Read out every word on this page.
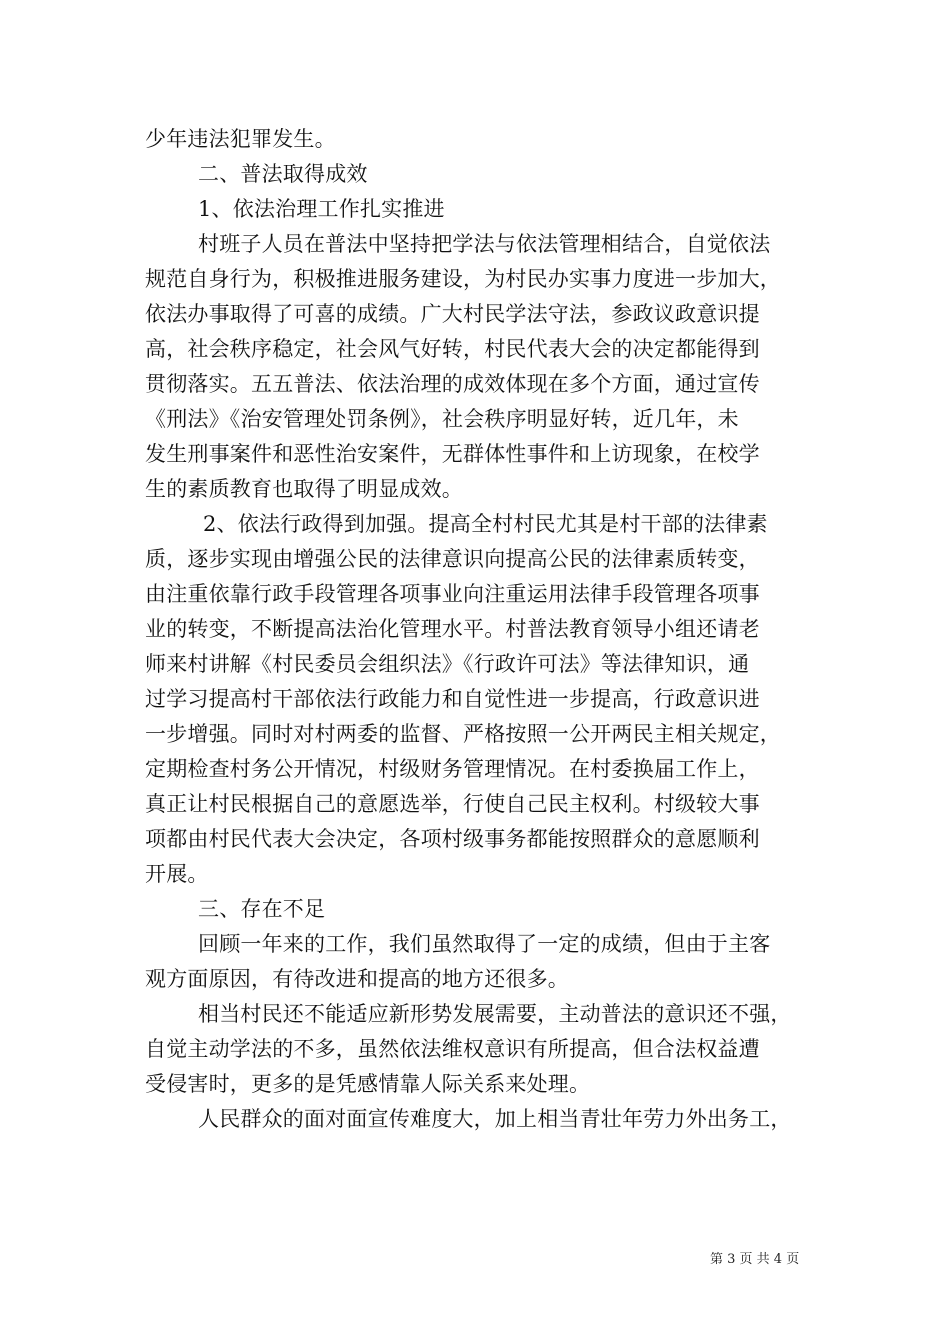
少年违法犯罪发生。
二、普法取得成效
1、依法治理工作扎实推进
村班子人员在普法中坚持把学法与依法管理相结合，自觉依法
规范自身行为，积极推进服务建设，为村民办实事力度进一步加大，
依法办事取得了可喜的成绩。广大村民学法守法，参政议政意识提
高，社会秩序稳定，社会风气好转，村民代表大会的决定都能得到
贯彻落实。五五普法、依法治理的成效体现在多个方面，通过宣传
《刑法》《治安管理处罚条例》，社会秩序明显好转，近几年，未
发生刑事案件和恶性治安案件，无群体性事件和上访现象，在校学
生的素质教育也取得了明显成效。
2、依法行政得到加强。提高全村村民尤其是村干部的法律素
质，逐步实现由增强公民的法律意识向提高公民的法律素质转变，
由注重依靠行政手段管理各项事业向注重运用法律手段管理各项事
业的转变，不断提高法治化管理水平。村普法教育领导小组还请老
师来村讲解《村民委员会组织法》《行政许可法》等法律知识，通
过学习提高村干部依法行政能力和自觉性进一步提高，行政意识进
一步增强。同时对村两委的监督、严格按照一公开两民主相关规定，
定期检查村务公开情况，村级财务管理情况。在村委换届工作上，
真正让村民根据自己的意愿选举，行使自己民主权利。村级较大事
项都由村民代表大会决定，各项村级事务都能按照群众的意愿顺利
开展。
三、存在不足
回顾一年来的工作，我们虽然取得了一定的成绩，但由于主客
观方面原因，有待改进和提高的地方还很多。
相当村民还不能适应新形势发展需要，主动普法的意识还不强，
自觉主动学法的不多，虽然依法维权意识有所提高，但合法权益遭
受侵害时，更多的是凭感情靠人际关系来处理。
人民群众的面对面宣传难度大，加上相当青壮年劳力外出务工，
第 3 页 共 4 页
